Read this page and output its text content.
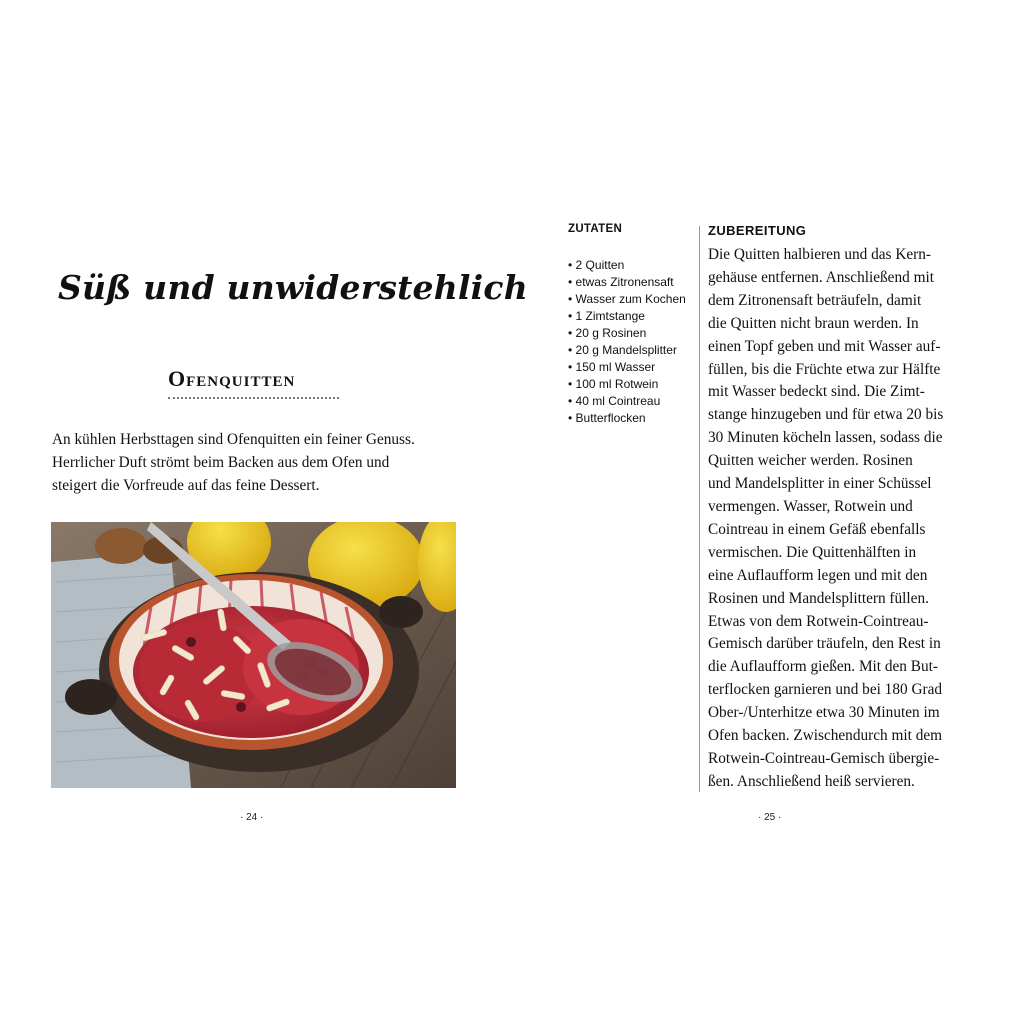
Süß und unwiderstehlich
Ofenquitten
An kühlen Herbsttagen sind Ofenquitten ein feiner Genuss.
Herrlicher Duft strömt beim Backen aus dem Ofen und
steigert die Vorfreude auf das feine Dessert.
· 24 ·
ZUTATEN
• 2 Quitten
• etwas Zitronensaft
• Wasser zum Kochen
• 1 Zimtstange
• 20 g Rosinen
• 20 g Mandelsplitter
• 150 ml Wasser
• 100 ml Rotwein
• 40 ml Cointreau
• Butterflocken
ZUBEREITUNG
Die Quitten halbieren und das Kern-
gehäuse entfernen. Anschließend mit
dem Zitronensaft beträufeln, damit
die Quitten nicht braun werden. In
einen Topf geben und mit Wasser auf-
füllen, bis die Früchte etwa zur Hälfte
mit Wasser bedeckt sind. Die Zimt-
stange hinzugeben und für etwa 20 bis
30 Minuten köcheln lassen, sodass die
Quitten weicher werden. Rosinen
und Mandelsplitter in einer Schüssel
vermengen. Wasser, Rotwein und
Cointreau in einem Gefäß ebenfalls
vermischen. Die Quittenhälften in
eine Auflaufform legen und mit den
Rosinen und Mandelsplittern füllen.
Etwas von dem Rotwein-Cointreau-
Gemisch darüber träufeln, den Rest in
die Auflaufform gießen. Mit den But-
terflocken garnieren und bei 180 Grad
Ober-/Unterhitze etwa 30 Minuten im
Ofen backen. Zwischendurch mit dem
Rotwein-Cointreau-Gemisch übergie-
ßen. Anschließend heiß servieren.
· 25 ·
